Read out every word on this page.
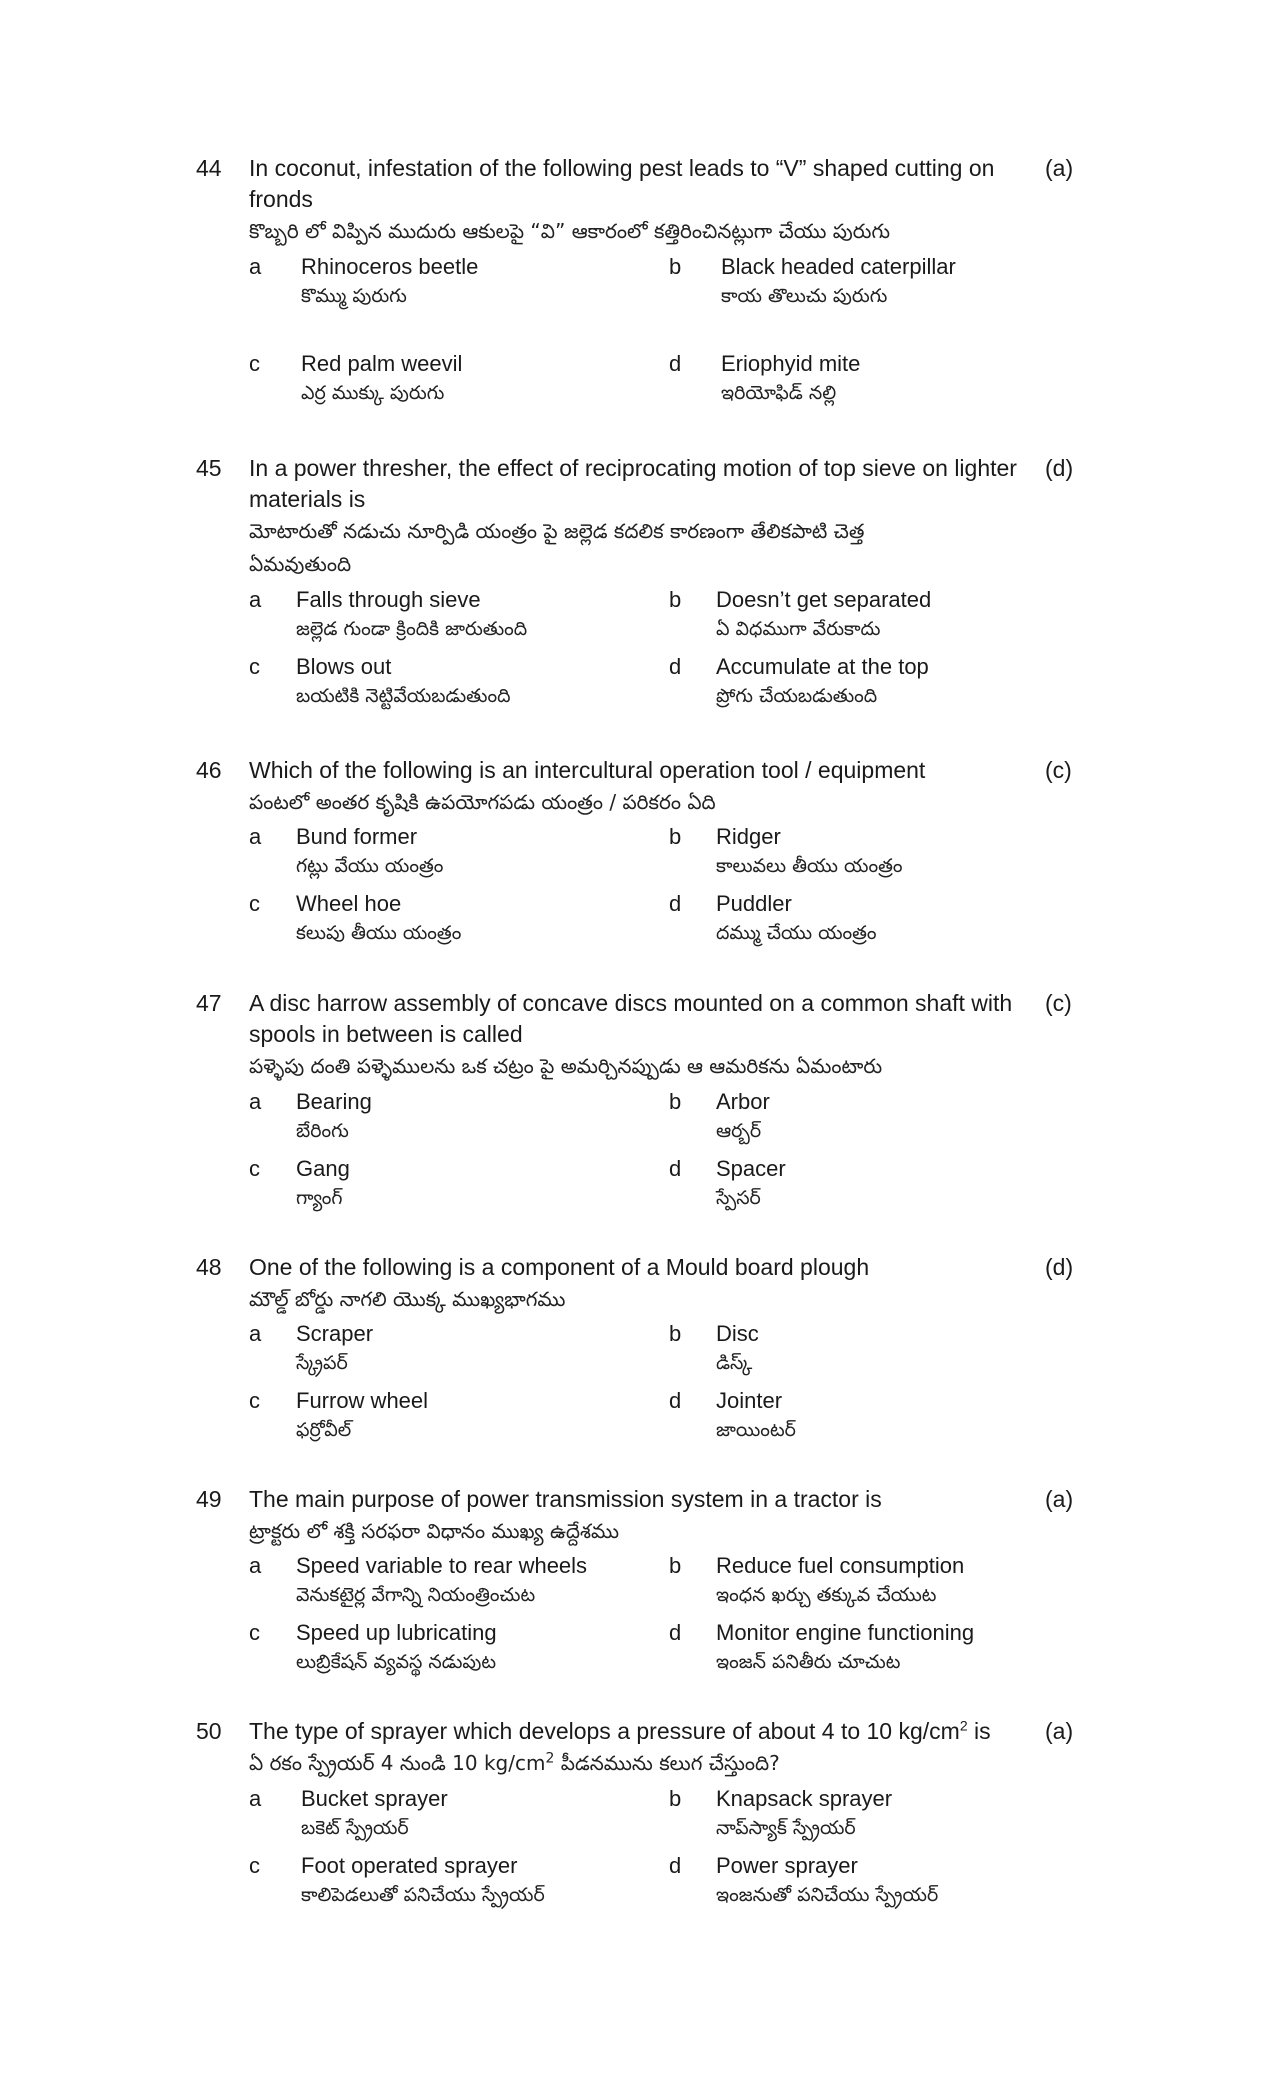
44 In coconut, infestation of the following pest leads to “V” shaped cutting on fronds
కొబ్బరి లో విప్పిన ముదురు ఆకులపై “వి” ఆకారంలో కత్తిరించినట్లుగా చేయు పురుగు
(a)
a	Rhinoceros beetle
కొమ్ము పురుగు
b	Black headed caterpillar
కాయ తొలుచు పురుగు
c	Red palm weevil
ఎర్ర ముక్కు పురుగు
d	Eriophyid mite
ఇరియోఫిడ్ నల్లి
45 In a power thresher, the effect of reciprocating motion of top sieve on lighter materials is
మోటారుతో నడుచు నూర్పిడి యంత్రం పై జల్లెడ కదలిక కారణంగా తేలికపాటి చెత్త ఏమవుతుంది
(d)
a	Falls through sieve
జల్లెడ గుండా క్రిందికి జారుతుంది
b	Doesn’t get separated
ఏ విధముగా వేరుకాదు
c	Blows out
బయటికి నెట్టివేయబడుతుంది
d	Accumulate at the top
ప్రోగు చేయబడుతుంది
46 Which of the following is an intercultural operation tool / equipment
పంటలో అంతర కృషికి ఉపయోగపడు యంత్రం / పరికరం ఏది
(c)
a	Bund former
గట్లు వేయు యంత్రం
b	Ridger
కాలువలు తీయు యంత్రం
c	Wheel hoe
కలుపు తీయు యంత్రం
d	Puddler
దమ్ము చేయు యంత్రం
47 A disc harrow assembly of concave discs mounted on a common shaft with spools in between is called
పళ్ళెపు దంతి పళ్ళెములను ఒక చట్రం పై అమర్చినప్పుడు ఆ ఆమరికను ఏమంటారు
(c)
a	Bearing
బేరింగు
b	Arbor
ఆర్బర్
c	Gang
గ్యాంగ్
d	Spacer
స్పేసర్
48 One of the following is a component of a Mould board plough
మౌల్డ్ బోర్డు నాగలి యొక్క ముఖ్యభాగము
(d)
a	Scraper
స్క్రేపర్
b	Disc
డిస్క్
c	Furrow wheel
ఫర్రోవీల్
d	Jointer
జాయింటర్
49 The main purpose of power transmission system in a tractor is
ట్రాక్టరు లో శక్తి సరఫరా విధానం ముఖ్య ఉద్దేశము
(a)
a	Speed variable to rear wheels
వెనుకటైర్ల వేగాన్ని నియంత్రించుట
b	Reduce fuel consumption
ఇంధన ఖర్చు తక్కువ చేయుట
c	Speed up lubricating
లుబ్రికేషన్ వ్యవస్థ నడుపుట
d	Monitor engine functioning
ఇంజన్ పనితీరు చూచుట
50 The type of sprayer which develops a pressure of about 4 to 10 $kg/cm^2$ is
ఏ రకం స్ప్రేయర్ 4 నుండి 10 $kg/cm^2$ పీడనమును కలుగ చేస్తుంది?
(a)
a	Bucket sprayer
బకెట్ స్ప్రేయర్
b	Knapsack sprayer
నాప్‌స్యాక్ స్ప్రేయర్
c	Foot operated sprayer
కాలిపెడలుతో పనిచేయు స్ప్రేయర్
d	Power sprayer
ఇంజనుతో పనిచేయు స్ప్రేయర్
